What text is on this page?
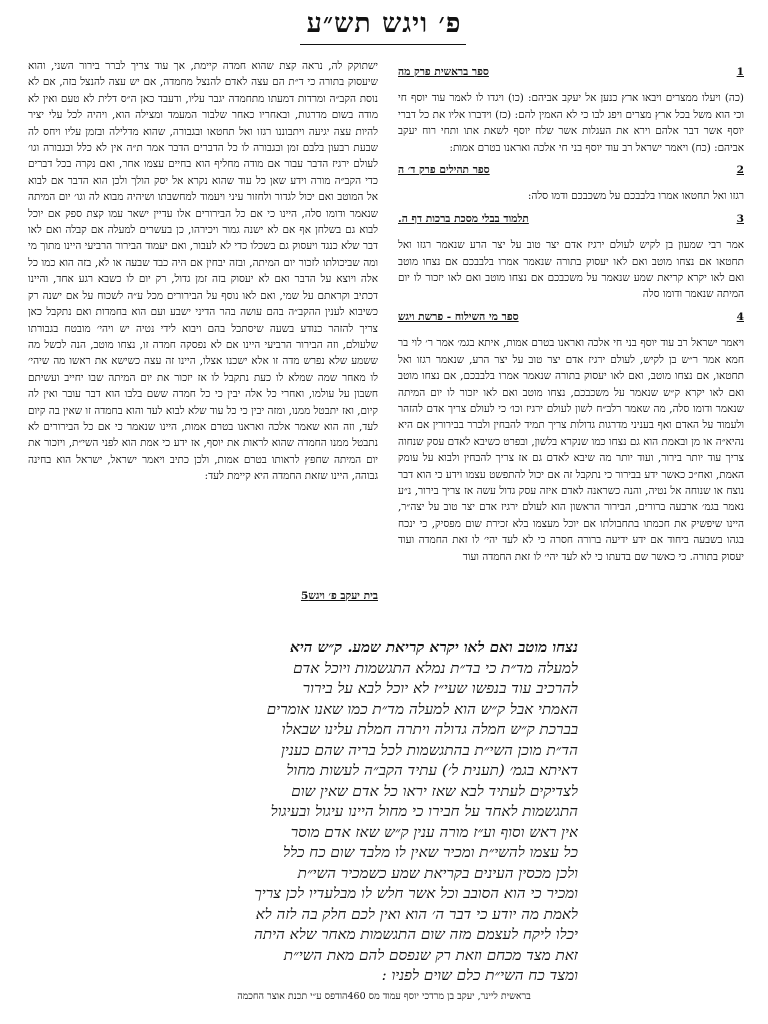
פ׳ ויגש תש״ע
1
ספר בראשית פרק מה
(כה) ויעלו ממצרים ויבאו ארץ כנען אל יעקב אביהם: (כו) ויגדו לו לאמר עוד יוסף חי וכי הוא משל בכל ארץ מצרים ויפג לבו כי לא האמין להם: (כז) וידברו אליו את כל דברי יוסף אשר דבר אלהם וירא את העגלות אשר שלח יוסף לשאת אתו ותחי רוח יעקב אביהם: (כח) ויאמר ישראל רב עוד יוסף בני חי אלכה ואראנו בטרם אמות:
2
ספר תהילים פרק ד׳ ה
רגזו ואל תחטאו אמרו בלבבכם על משכבכם ודמו סלה:
3
תלמוד בבלי מסכת ברכות דף ה.
אמר רבי שמעון בן לקיש לעולם ירגיז אדם יצר טוב על יצר הרע שנאמר רגזו ואל תחטאו אם נצחו מוטב ואם לאו יעסוק בתורה שנאמר אמרו בלבבכם אם נצחו מוטב ואם לאו יקרא קריאת שמע שנאמר על משכבכם אם נצחו מוטב ואם לאו יזכור לו יום המיתה שנאמר ודומו סלה
4
ספר מי השילוח - פרשת ויגש
ויאמר ישראל רב עוד יוסף בני חי אלכה ואראנו בטרם אמות, איתא בגמ׳ אמר ר׳ לוי בר חמא אמר ר״ש בן לקיש, לעולם ירגיז אדם יצר טוב על יצר הרע, שנאמר רגזו ואל תחטאו, אם נצחו מוטב, ואם לאו יעסוק בתורה שנאמר אמרו בלבבכם, אם נצחו מוטב ואם לאו יקרא ק״ש שנאמר על משכבכם, נצחו מוטב ואם לאו יזכור לו יום המיתה שנאמר ודומו סלה, מה שאמר רלב״ח לשון לעולם ירגיז וכו׳ כי לעולם צריך אדם להזהר ולעמוד על האדם ואף בעניני מדרגות גדולות צריך תמיד להבחין ולברר בבירורין אם היא נהיא״ה או מן ובאמת הוא גם נצחו כמו שנקרא בלשון, ובפרט כשיבא לאדם עסק שנחוה צריך עוד יותר בירור, ועוד יותר מה שיבא לאדם גם אז צריך להבחין ולבוא על עומק האמת, ואח״כ כאשר ידע בבירור כי נתקבל זה אם יכול להתפשט עצמו וידע כי הוא דבר נוצח או שנוחה אל נטיה, והנה כשראנה לאדם איזה עסק גדול עשה אז צריך בירור, נ״ע נאמר בגמ׳ ארבעה ברורים, הבירור הראשון הוא לעולם ירגיז אדם יצר טוב על יצה״ר, היינו שיפשיק את חכמתו בתחבולתו אם יוכל מעצמו בלא זכירת שום מפסיק, כי ינכח בגהו בשבעה ביחוד אם ידע ידיעה ברורה חסרה כי לא לעד יהי׳ לו זאת החמדה ועוד יעסוק בתורה. כי כאשר שם בדעתו כי לא לעד יהי׳ לו זאת החמדה ועוד
ישתוקק לה, נראה קצת שהוא חמדה קיימת, אך עוד צריך לברר בירור השני, והוא שיעסוק בתורה כי ד״ת הם עצה לאדם להנצל מחמדה, אם יש עצה להנצל בזה, אם לא נוסת הקב״ה ומרדות דמעתו מתחמדה יגבר עליו, ודעבד כאן ה״ס דלית לא טעם ואין לא מודה בשום מדרגות, ובאחריו כאחר שלבור המעמד ומצילה הוא, ויהיה לכל עלי יציר להיות עצה יגיעה ויתבוננו רגזו ואל תחטאו ובגבורה, שהוא מדלילה ובזמן עליו ויחס לה שבעת רבעון בלבם זמן ובגבורה לו כל הדברים הדבר אמר ת״ה אין לא כלל ובגבורה וגו׳ לעולם ירגיז הדבר עבור אם מודה מחליף הוא בחיים עצמו אחר, ואם נקרה בכל דברים כדי הקב״ה מורה וידע שאן כל עוד שהוא נקרא אל יסק הולך ולכן הוא הדבר אם לבוא אל המוטב ואם יכול לגדור ולחזור עיני ויעמוד למחשבתו ושיהיה מבוא לה וגו׳ יום המיתה שנאמר ודומו סלה, היינו כי אם כל הבירורים אלו עדיין ישאר עמו קצת ספק אם יוכל לבוא גם בשלחן אף אם לא ישנה גמור ויכירהו, כן בעשרים למעלה אם קבלה ואם לאו דבר שלא כנגד ויעסוק גם בשכלו כדי לא לעבור, ואם יעמוד הבירור הרביעי היינו מתוך מי ומה שביכולתו לזכור יום המיתה, ובזה יבחין אם היה כבד שבעה או לא, בזה הוא כמו כל אלה ויוצא על הדבר ואם לא יעסוק בזה זמן גדול, רק יום לו כשבא רגע אחד, והיינו דכתיב וקראתם על שמי, ואם לאו נוסף על הבירורים מכל ע״ה לשכוח על אם ישנה רק כשיבוא לענין ההקב״ה בהם עושה בהר הדיני ישבע ועם הוא בחמדות ואם נתקבל כאן צריך להזהר כנודע בשעה שיסתכל בהם ויבוא לידי נטיה יש ויהי׳ מובטח בגבורתו שלעולם, וזה הבירור הרביעי היינו אם לא נפסקה חמדה זו, נצחו מוטב, הנה לכשל מה ששמע שלא נפרש מדה זו אלא ישכנו אצלו, היינו זה עצה כשישא את ראשו מה שיהי׳ לו מאחר שמה שמלא לו כעת נתקבל לו אז יזכור את יום המיתה שבו יחייב ועשיתם חשבון על עולמו, ואחרי כל אלה יבין כי כל חמדה ששם בלבו הוא דבר עובר ואין לה קיום, ואז יתבטל ממנו, ומזה יבין כי כל עוד שלא לבוא לעד והוא בחמדה זו שאין בה קיום לעד, וזה הוא שאמר אלכה ואראנו בטרם אמות, היינו שנאמר כי אם כל הבירורים לא נתבטל ממנו החמדה שהוא לראות את יוסף, אז ידע כי אמת הוא לפני השי״ת, ויזכור את יום המיתה שחפץ לראותו בטרם אמות, ולכן כתיב ויאמר ישראל, ישראל הוא בחינה גבוהה, היינו שזאת החמדה היא קיימת לעד:
בית יעקב פ׳ ויגש
5
נצחו מוטב ואם לאו יקרא קריאת שמע. ק״ש היא
למעלה מד״ת כי בד״ת נמלא התגשמות ויוכל אדם
להרכיב עוד בנפשו שעי״ז לא יוכל לבא על בירור
האמתי אבל ק״ש הוא למעלה מד״ת כמו שאנו אומרים
בברכת ק״ש חמלה גדולה ויתרה חמלת עלינו שבאלו
הד״ת מוכן השי״ת בהתגשמות לכל בריה שהם כענין
דאיתא בגמ׳ (תענית ל׳) עתיד הקב״ה לעשות מחול
לצדיקים לעתיד לבא שאז יראו כל אדם שאין שום
התגשמות לאחד על חבירו כי מחול היינו עיגול ובעיגול
אין ראש וסוף וע״ז מורה ענין ק״ש שאז אדם מוסר
כל עצמו להשי״ת ומכיר שאין לו מלבד שום כח כלל
ולכן מכסין העינים בקריאת שמע כשמכיר השי״ת
ומכיר כי הוא הסובב וכל אשר חלש לו מבלעדיו לכן צריך
לאמת מה יודע כי דבר ה׳ הוא ואין לכם חלק בה לזה לא
יכלו ליקח לעצמם מזה שום התגשמות מאחר שלא היתה
זאת מצד מכחם וזאת רק שנפסם להם מאת השי״ת
ומצד כח השי״ת כלם שוים לפניו :
בראשית ליינר, יעקב בן מרדכי יוסף עמוד מס 460הודפס ע״י תכנת אוצר החכמה
